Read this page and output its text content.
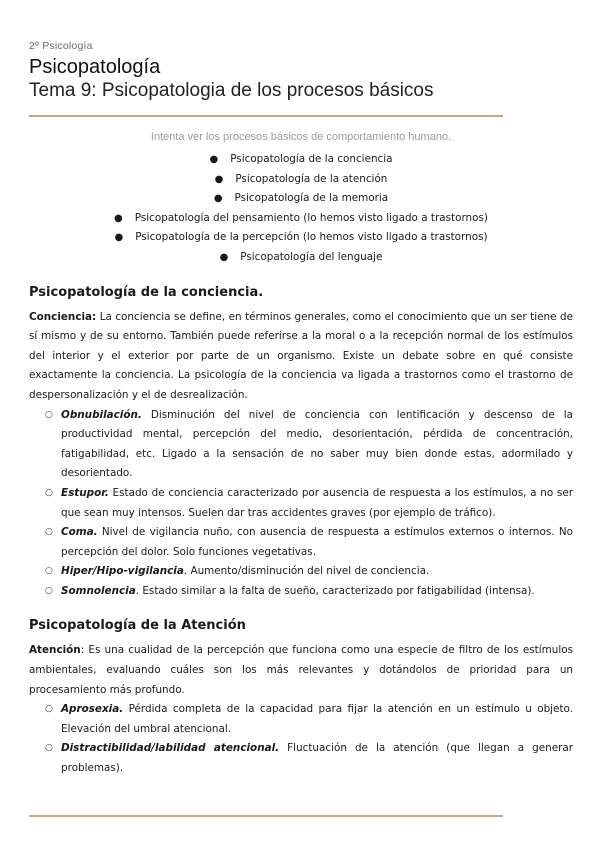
2º Psicología
Psicopatología
Tema 9: Psicopatologia de los procesos básicos
Intenta ver los procesos básicos de comportamiento humano.
● Psicopatología de la conciencia
● Psicopatología de la atención
● Psicopatología de la memoria
● Psicopatología del pensamiento (lo hemos visto ligado a trastornos)
● Psicopatología de la percepción (lo hemos visto ligado a trastornos)
● Psicopatología del lenguaje
Psicopatología de la conciencia.

Conciencia: La conciencia se define, en términos generales, como el conocimiento que un ser tiene de sí mismo y de su entorno. También puede referirse a la moral o a la recepción normal de los estímulos del interior y el exterior por parte de un organismo. Existe un debate sobre en qué consiste exactamente la conciencia. La psicología de la conciencia va ligada a trastornos como el trastorno de despersonalización y el de desrealización.

○ Obnubilación. Disminución del nivel de conciencia con lentificación y descenso de la productividad mental, percepción del medio, desorientación, pérdida de concentración, fatigabilidad, etc. Ligado a la sensación de no saber muy bien donde estas, adormilado y desorientado.
○ Estupor. Estado de conciencia caracterizado por ausencia de respuesta a los estímulos, a no ser que sean muy intensos. Suelen dar tras accidentes graves (por ejemplo de tráfico).
○ Coma. Nivel de vigilancia nuño, con ausencia de respuesta a estímulos externos o internos. No percepción del dolor. Solo funciones vegetativas.
○ Hiper/Hipo-vigilancia. Aumento/disminución del nivel de conciencia.
○ Somnolencia. Estado similar a la falta de sueño, caracterizado por fatigabilidad (intensa).
Psicopatología de la Atención

Atención: Es una cualidad de la percepción que funciona como una especie de filtro de los estímulos ambientales, evaluando cuáles son los más relevantes y dotándolos de prioridad para un procesamiento más profundo.

○ Aprosexia. Pérdida completa de la capacidad para fijar la atención en un estímulo u objeto. Elevación del umbral atencional.
○ Distractibilidad/labilidad atencional. Fluctuación de la atención (que llegan a generar problemas).
